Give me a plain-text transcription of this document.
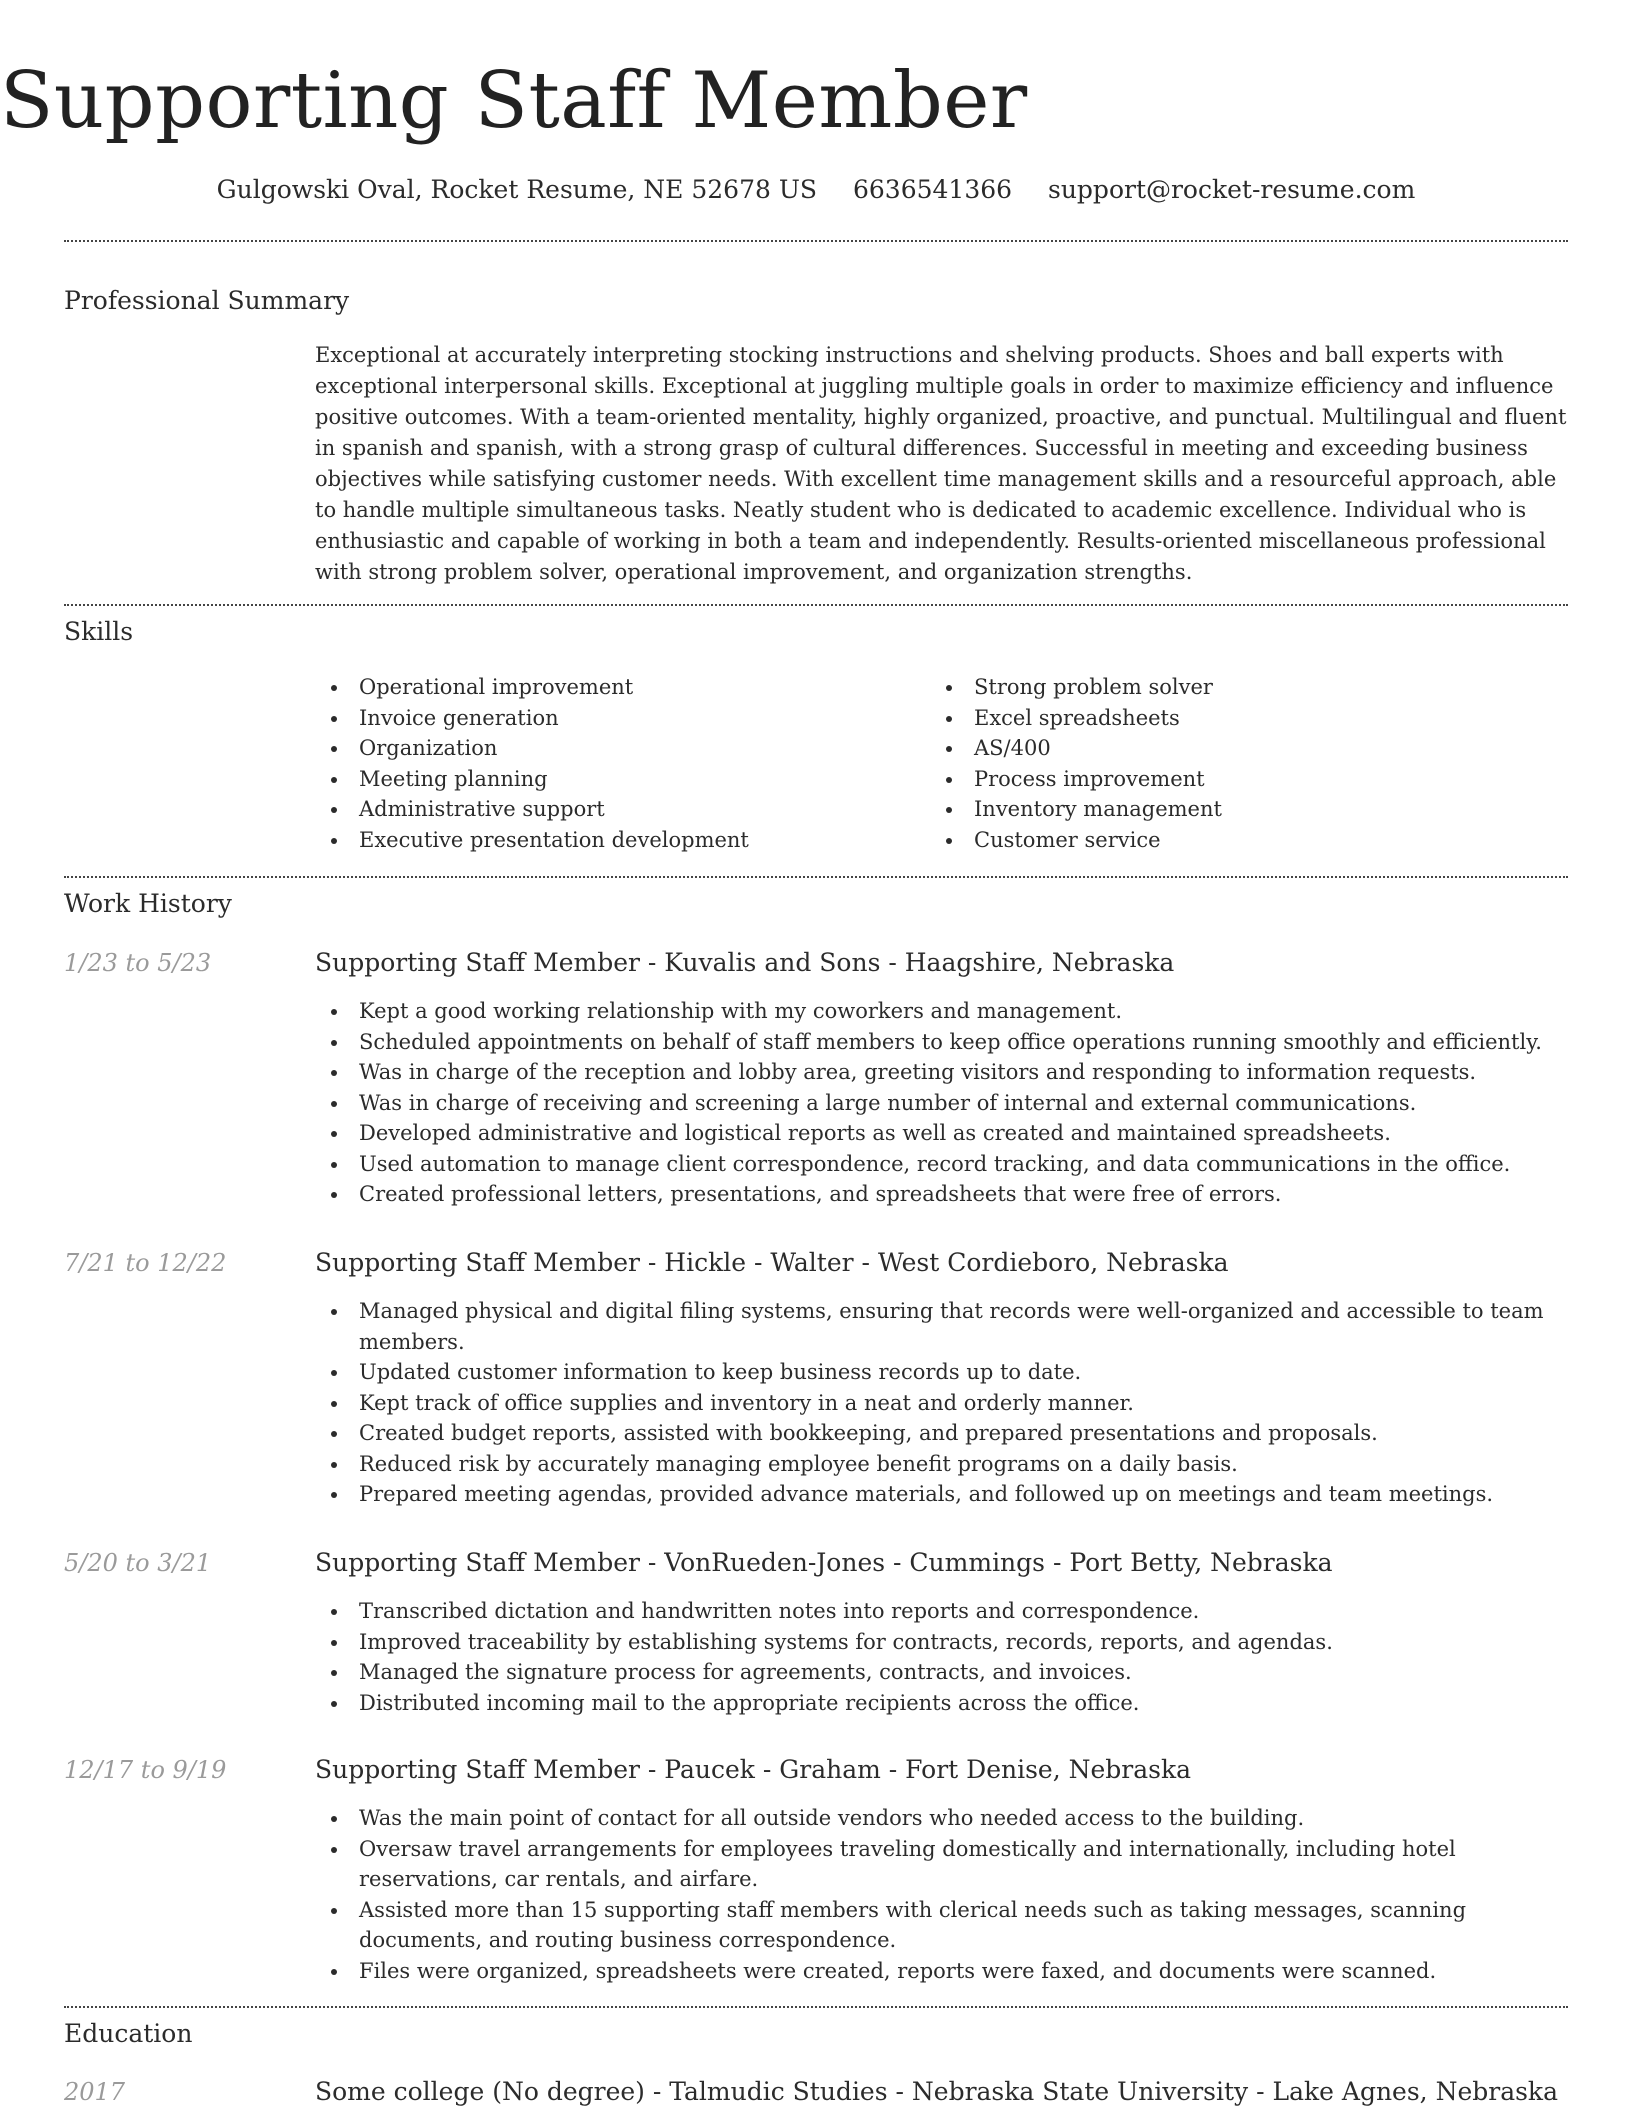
Supporting Staff Member
Gulgowski Oval, Rocket Resume, NE 52678 US 6636541366 support@rocket-resume.com
Professional Summary
Exceptional at accurately interpreting stocking instructions and shelving products. Shoes and ball experts with exceptional interpersonal skills. Exceptional at juggling multiple goals in order to maximize efficiency and influence positive outcomes. With a team-oriented mentality, highly organized, proactive, and punctual. Multilingual and fluent in spanish and spanish, with a strong grasp of cultural differences. Successful in meeting and exceeding business objectives while satisfying customer needs. With excellent time management skills and a resourceful approach, able to handle multiple simultaneous tasks. Neatly student who is dedicated to academic excellence. Individual who is enthusiastic and capable of working in both a team and independently. Results-oriented miscellaneous professional with strong problem solver, operational improvement, and organization strengths.
Skills
Operational improvement
Invoice generation
Organization
Meeting planning
Administrative support
Executive presentation development
Strong problem solver
Excel spreadsheets
AS/400
Process improvement
Inventory management
Customer service
Work History
1/23 to 5/23	Supporting Staff Member - Kuvalis and Sons - Haagshire, Nebraska
Kept a good working relationship with my coworkers and management.
Scheduled appointments on behalf of staff members to keep office operations running smoothly and efficiently.
Was in charge of the reception and lobby area, greeting visitors and responding to information requests.
Was in charge of receiving and screening a large number of internal and external communications.
Developed administrative and logistical reports as well as created and maintained spreadsheets.
Used automation to manage client correspondence, record tracking, and data communications in the office.
Created professional letters, presentations, and spreadsheets that were free of errors.
7/21 to 12/22	Supporting Staff Member - Hickle - Walter - West Cordieboro, Nebraska
Managed physical and digital filing systems, ensuring that records were well-organized and accessible to team members.
Updated customer information to keep business records up to date.
Kept track of office supplies and inventory in a neat and orderly manner.
Created budget reports, assisted with bookkeeping, and prepared presentations and proposals.
Reduced risk by accurately managing employee benefit programs on a daily basis.
Prepared meeting agendas, provided advance materials, and followed up on meetings and team meetings.
5/20 to 3/21	Supporting Staff Member - VonRueden-Jones - Cummings - Port Betty, Nebraska
Transcribed dictation and handwritten notes into reports and correspondence.
Improved traceability by establishing systems for contracts, records, reports, and agendas.
Managed the signature process for agreements, contracts, and invoices.
Distributed incoming mail to the appropriate recipients across the office.
12/17 to 9/19	Supporting Staff Member - Paucek - Graham - Fort Denise, Nebraska
Was the main point of contact for all outside vendors who needed access to the building.
Oversaw travel arrangements for employees traveling domestically and internationally, including hotel reservations, car rentals, and airfare.
Assisted more than 15 supporting staff members with clerical needs such as taking messages, scanning documents, and routing business correspondence.
Files were organized, spreadsheets were created, reports were faxed, and documents were scanned.
Education
2017	Some college (No degree) - Talmudic Studies - Nebraska State University - Lake Agnes, Nebraska
